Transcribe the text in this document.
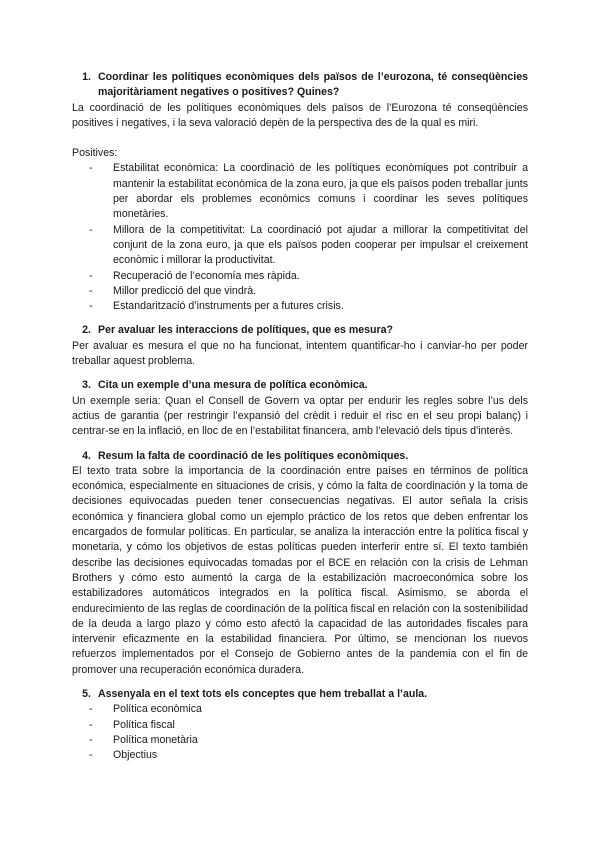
1. Coordinar les polítiques econòmiques dels països de l’eurozona, té conseqüències majoritàriament negatives o positives? Quines?

La coordinació de les polítiques econòmiques dels països de l’Eurozona té conseqüències positives i negatives, i la seva valoració depèn de la perspectiva des de la qual es miri.

Positives:

-	Estabilitat econòmica: La coordinació de les polítiques econòmiques pot contribuir a mantenir la estabilitat econòmica de la zona euro, ja que els països poden treballar junts per abordar els problemes econòmics comuns i coordinar les seves polítiques monetàries.
-	Millora de la competitivitat: La coordinació pot ajudar a millorar la competitivitat del conjunt de la zona euro, ja que els països poden cooperar per impulsar el creixement econòmic i millorar la productivitat.
-	Recuperació de l’economía mes ràpida.
-	Millor predicció del que vindrà.
-	Estandarització d’instruments per a futures crisis.
2. Per avaluar les interaccions de polítiques, que es mesura?

Per avaluar es mesura el que no ha funcionat, intentem quantificar-ho i canviar-ho per poder treballar aquest problema.

3. Cita un exemple d’una mesura de política econòmica.

Un exemple seria: Quan el Consell de Govern va optar per endurir les regles sobre l’us dels actius de garantia (per restringir l’expansió del crèdit i reduir el risc en el seu propi balanç) i centrar-se en la inflació, en lloc de en l’estabilitat financera, amb l’elevació dels tipus d’interès.

4. Resum la falta de coordinació de les polítiques econòmiques.

El texto trata sobre la importancia de la coordinación entre países en términos de política económica, especialmente en situaciones de crisis, y cómo la falta de coordinación y la toma de decisiones equivocadas pueden tener consecuencias negativas. El autor señala la crisis económica y financiera global como un ejemplo práctico de los retos que deben enfrentar los encargados de formular políticas. En particular, se analiza la interacción entre la política fiscal y monetaria, y cómo los objetivos de estas políticas pueden interferir entre sí. El texto también describe las decisiones equivocadas tomadas por el BCE en relación con la crisis de Lehman Brothers y cómo esto aumentó la carga de la estabilización macroeconómica sobre los estabilizadores automáticos integrados en la política fiscal. Asimismo, se aborda el endurecimiento de las reglas de coordinación de la política fiscal en relación con la sostenibilidad de la deuda a largo plazo y cómo esto afectó la capacidad de las autoridades fiscales para intervenir eficazmente en la estabilidad financiera. Por último, se mencionan los nuevos refuerzos implementados por el Consejo de Gobierno antes de la pandemia con el fin de promover una recuperación económica duradera.

5. Assenyala en el text tots els conceptes que hem treballat a l’aula.
-	Política econòmica
-	Política fiscal
-	Política monetària
-	Objectius
